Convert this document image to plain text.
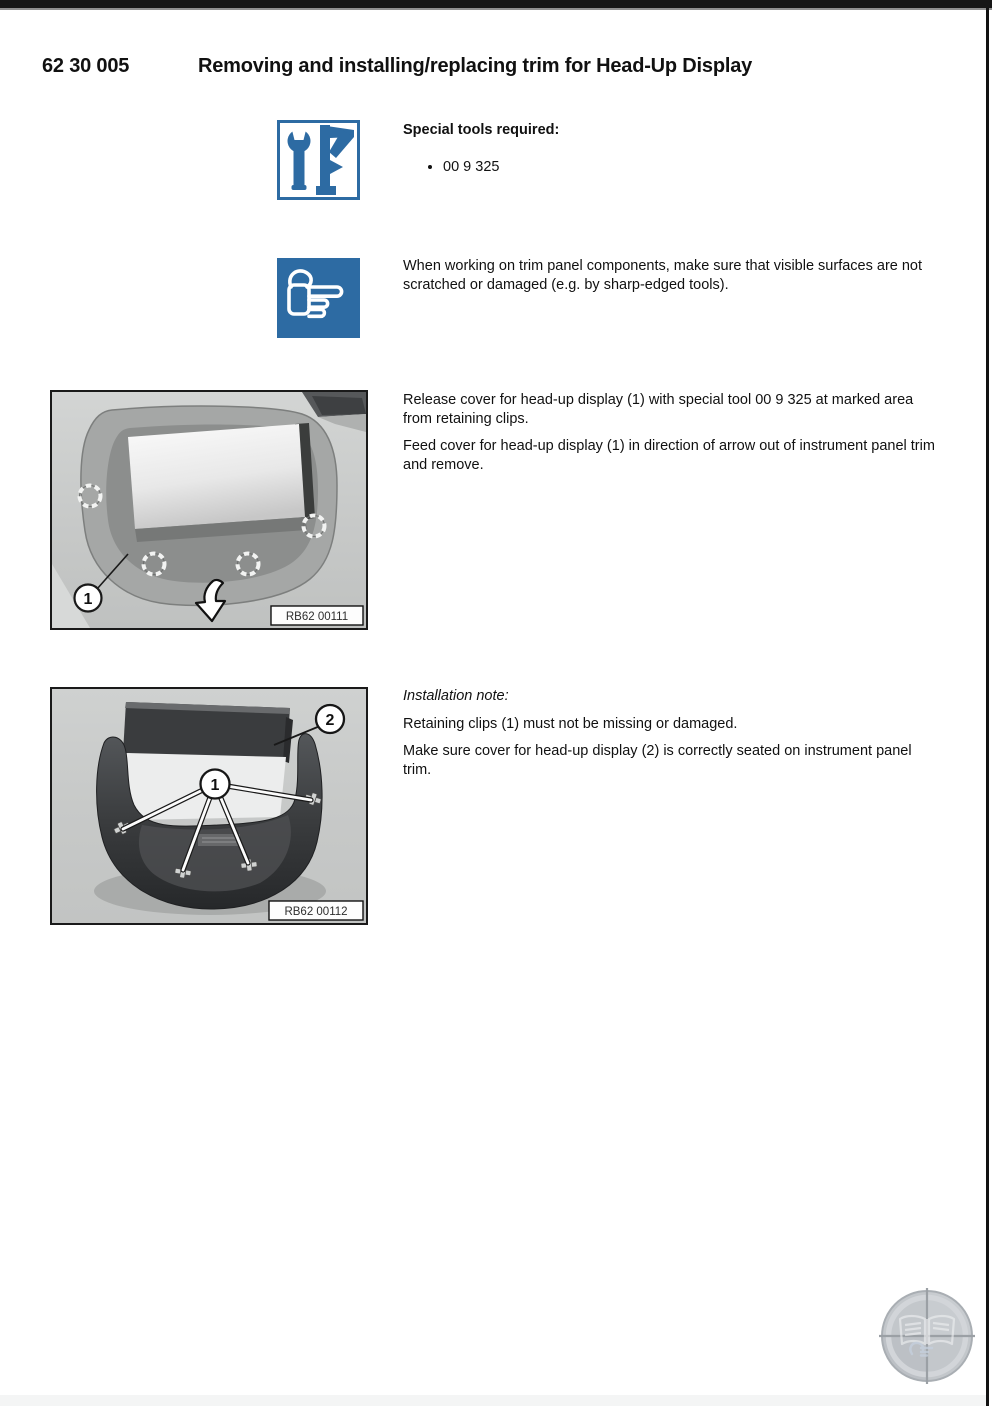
62 30 005	Removing and installing/replacing trim for Head-Up Display

Special tools required:

• 00 9 325

When working on trim panel components, make sure that visible surfaces are not scratched or damaged (e.g. by sharp-edged tools).

1
RB62 00111

Release cover for head-up display (1) with special tool 00 9 325 at marked area from retaining clips.

Feed cover for head-up display (1) in direction of arrow out of instrument panel trim and remove.

2
1
RB62 00112

Installation note:

Retaining clips (1) must not be missing or damaged.

Make sure cover for head-up display (2) is correctly seated on instrument panel trim.
